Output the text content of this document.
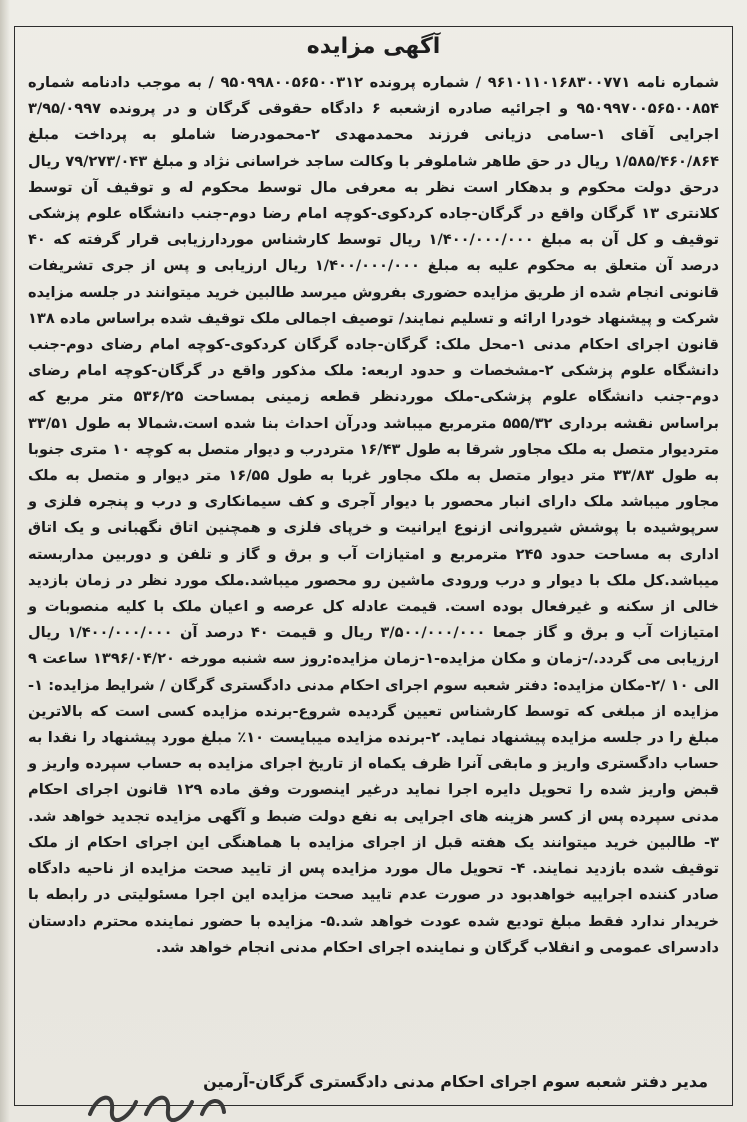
آگهی مزایده
شماره نامه ۹۶۱۰۱۱۰۱۶۸۳۰۰۷۷۱ / شماره پرونده ۹۵۰۹۹۸۰۰۵۶۵۰۰۳۱۲ / به موجب دادنامه شماره ۹۵۰۹۹۷۰۰۵۶۵۰۰۸۵۴ و اجرائیه صادره ازشعبه ۶ دادگاه حقوقی گرگان و در پرونده ۳/۹۵/۰۹۹۷ اجرایی آقای ۱-سامی دزیانی فرزند محمدمهدی ۲-محمودرضا شاملو به پرداخت مبلغ ۱/۵۸۵/۴۶۰/۸۶۴ ریال در حق طاهر شاملوفر با وکالت ساجد خراسانی نژاد و مبلغ ۷۹/۲۷۳/۰۴۳ ریال درحق دولت محکوم و بدهکار است نظر به معرفی مال توسط محکوم له و توقیف آن توسط کلانتری ۱۳ گرگان واقع در گرگان-جاده کردکوی-کوچه امام رضا دوم-جنب دانشگاه علوم پزشکی توقیف و کل آن به مبلغ ۱/۴۰۰/۰۰۰/۰۰۰ ریال توسط کارشناس موردارزیابی قرار گرفته که ۴۰ درصد آن متعلق به محکوم علیه به مبلغ ۱/۴۰۰/۰۰۰/۰۰۰ ریال ارزیابی و پس از جری تشریفات قانونی انجام شده از طریق مزایده حضوری بفروش میرسد طالبین خرید میتوانند در جلسه مزایده شرکت و پیشنهاد خودرا ارائه و تسلیم نمایند/ توصیف اجمالی ملک توقیف شده براساس ماده ۱۳۸ قانون اجرای احکام مدنی ۱-محل ملک: گرگان-جاده گرگان کردکوی-کوچه امام رضای دوم-جنب دانشگاه علوم پزشکی ۲-مشخصات و حدود اربعه: ملک مذکور واقع در گرگان-کوچه امام رضای دوم-جنب دانشگاه علوم پزشکی-ملک موردنظر قطعه زمینی بمساحت ۵۳۶/۲۵ متر مربع که براساس نقشه برداری ۵۵۵/۳۲ مترمربع میباشد ودرآن احداث بنا شده است.شمالا به طول ۳۳/۵۱ متردیوار متصل به ملک مجاور شرقا به طول ۱۶/۴۳ متردرب و دیوار متصل به کوچه ۱۰ متری جنوبا به طول ۳۳/۸۳ متر دیوار متصل به ملک مجاور غربا به طول ۱۶/۵۵ متر دیوار و متصل به ملک مجاور میباشد ملک دارای انبار محصور با دیوار آجری و کف سیمانکاری و درب و پنجره فلزی و سرپوشیده با پوشش شیروانی ازنوع ایرانیت و خرپای فلزی و همچنین اتاق نگهبانی و یک اتاق اداری به مساحت حدود ۲۴۵ مترمربع و امتیازات آب و برق و گاز و تلفن و دوربین مداربسته میباشد.کل ملک با دیوار و درب ورودی ماشین رو محصور میباشد.ملک مورد نظر در زمان بازدید خالی از سکنه و غیرفعال بوده است. قیمت عادله کل عرصه و اعیان ملک با کلیه منصوبات و امتیازات آب و برق و گاز جمعا ۳/۵۰۰/۰۰۰/۰۰۰ ریال و قیمت ۴۰ درصد آن ۱/۴۰۰/۰۰۰/۰۰۰ ریال ارزیابی می گردد./-زمان و مکان مزایده-۱-زمان مزایده:روز سه شنبه مورخه ۱۳۹۶/۰۴/۲۰ ساعت ۹ الی ۱۰ /۲-مکان مزایده: دفتر شعبه سوم اجرای احکام مدنی دادگستری گرگان / شرایط مزایده: ۱- مزایده از مبلغی که توسط کارشناس تعیین گردیده شروع-برنده مزایده کسی است که بالاترین مبلغ را در جلسه مزایده پیشنهاد نماید. ۲-برنده مزایده میبایست ۱۰٪ مبلغ مورد پیشنهاد را نقدا به حساب دادگستری واریز و مابقی آنرا ظرف یکماه از تاریخ اجرای مزایده به حساب سپرده واریز و قبض واریز شده را تحویل دایره اجرا نماید درغیر اینصورت وفق ماده ۱۲۹ قانون اجرای احکام مدنی سپرده پس از کسر هزینه های اجرایی به نفع دولت ضبط و آگهی مزایده تجدید خواهد شد. ۳- طالبین خرید میتوانند یک هفته قبل از اجرای مزایده با هماهنگی این اجرای احکام از ملک توقیف شده بازدید نمایند. ۴- تحویل مال مورد مزایده پس از تایید صحت مزایده از ناحیه دادگاه صادر کننده اجراییه خواهدبود در صورت عدم تایید صحت مزایده این اجرا مسئولیتی در رابطه با خریدار ندارد فقط مبلغ تودیع شده عودت خواهد شد.۵- مزایده با حضور نماینده محترم دادستان دادسرای عمومی و انقلاب گرگان و نماینده اجرای احکام مدنی انجام خواهد شد.
مدیر دفتر شعبه سوم اجرای احکام مدنی دادگستری گرگان-آرمین
